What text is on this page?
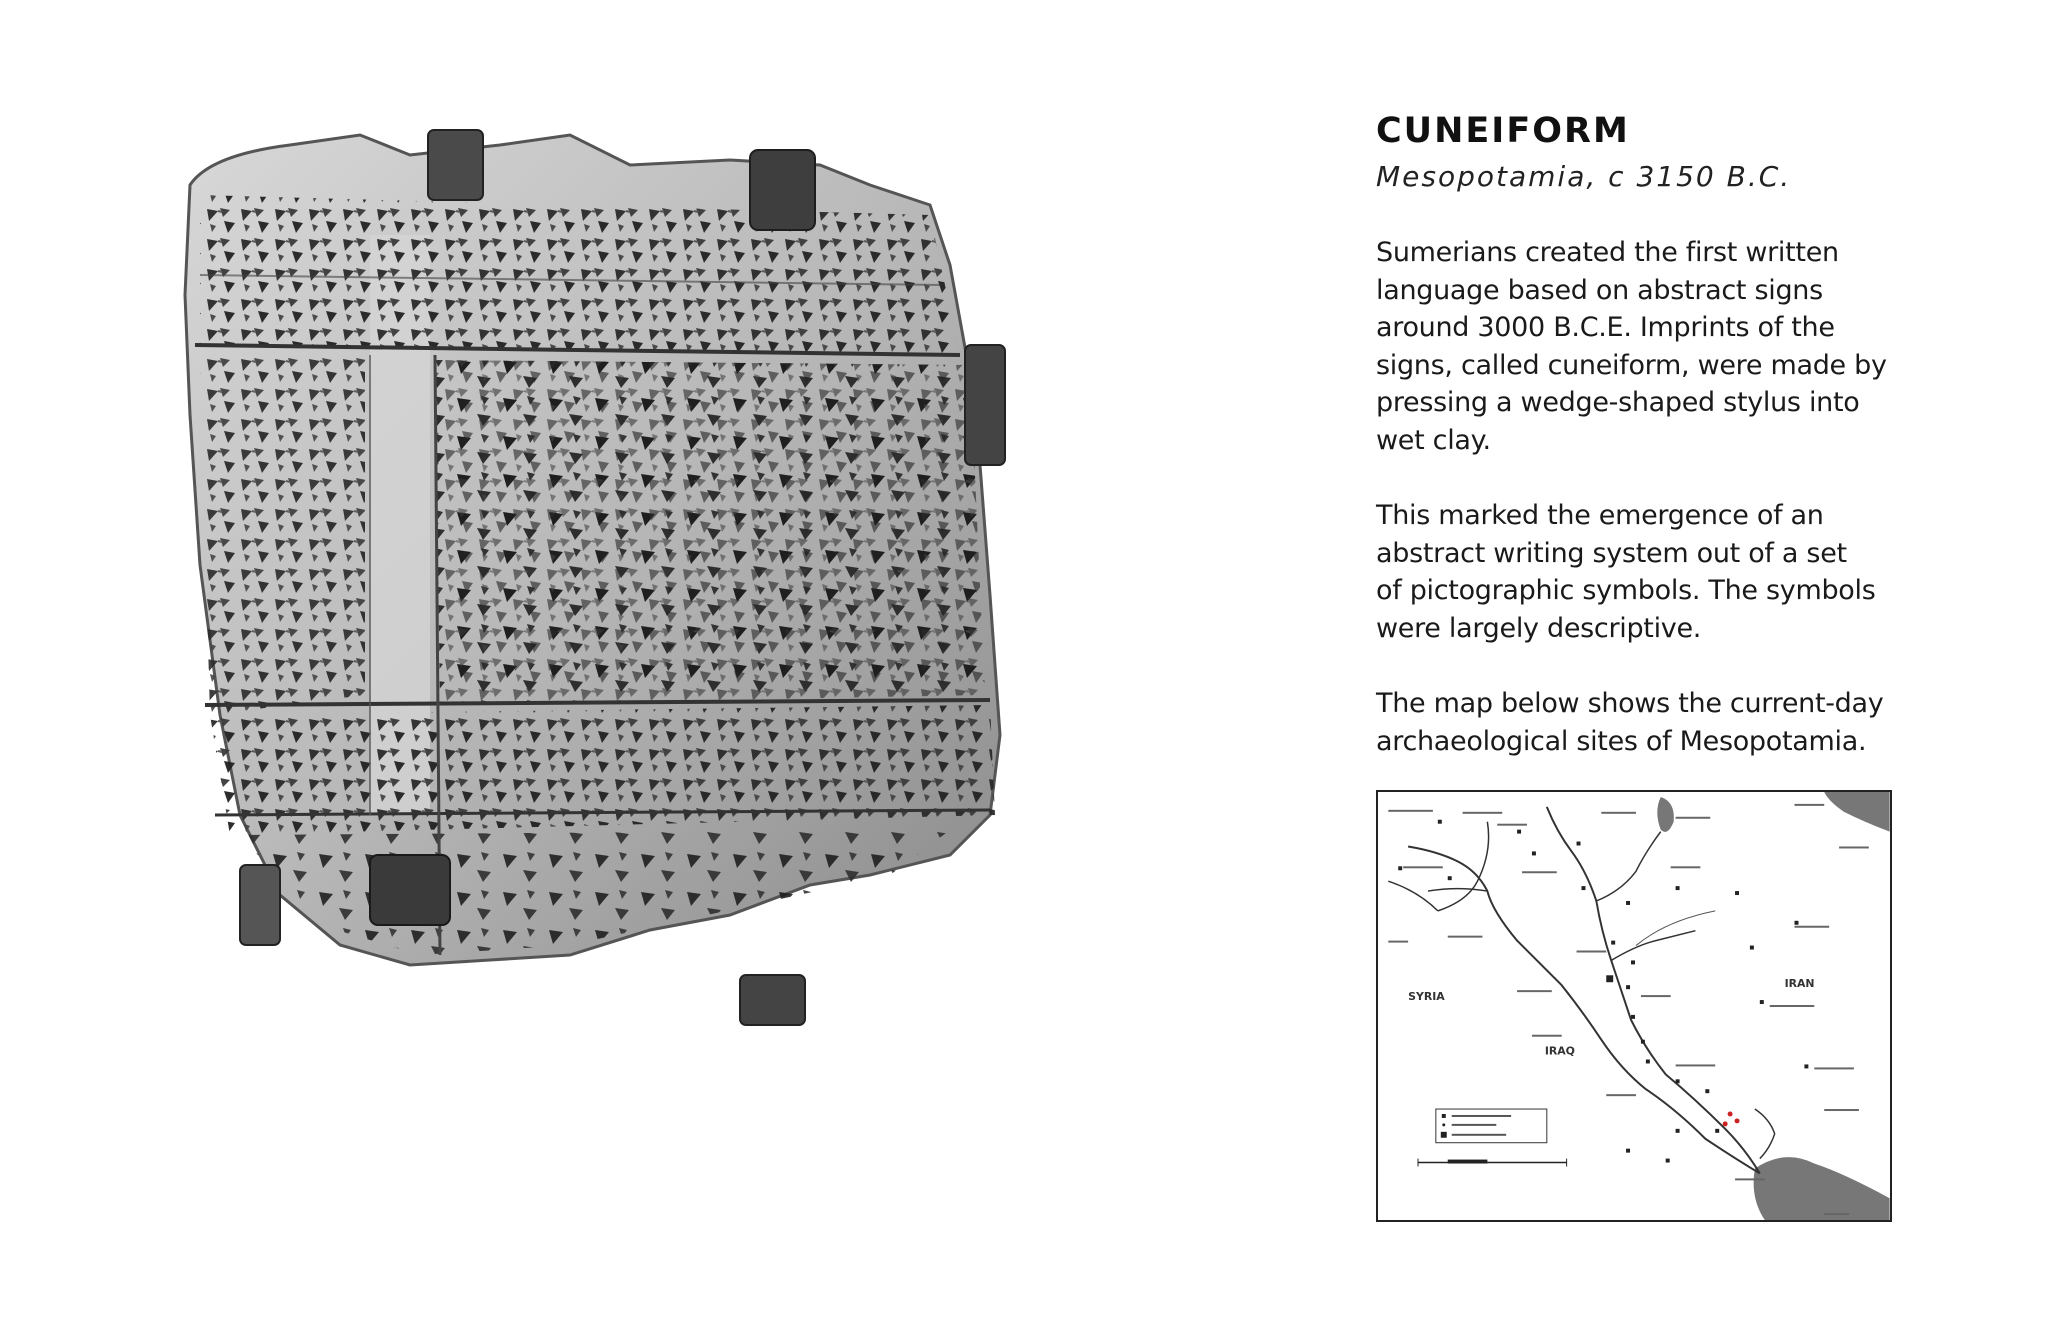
CUNEIFORM
Mesopotamia, c 3150 B.C.

Sumerians created the first written language based on abstract signs around 3000 B.C.E. Imprints of the signs, called cuneiform, were made by pressing a wedge-shaped stylus into wet clay.

This marked the emergence of an abstract writing system out of a set of pictographic symbols. The symbols were largely descriptive.

The map below shows the current-day archaeological sites of Mesopotamia.

SYRIA
IRAQ
IRAN
